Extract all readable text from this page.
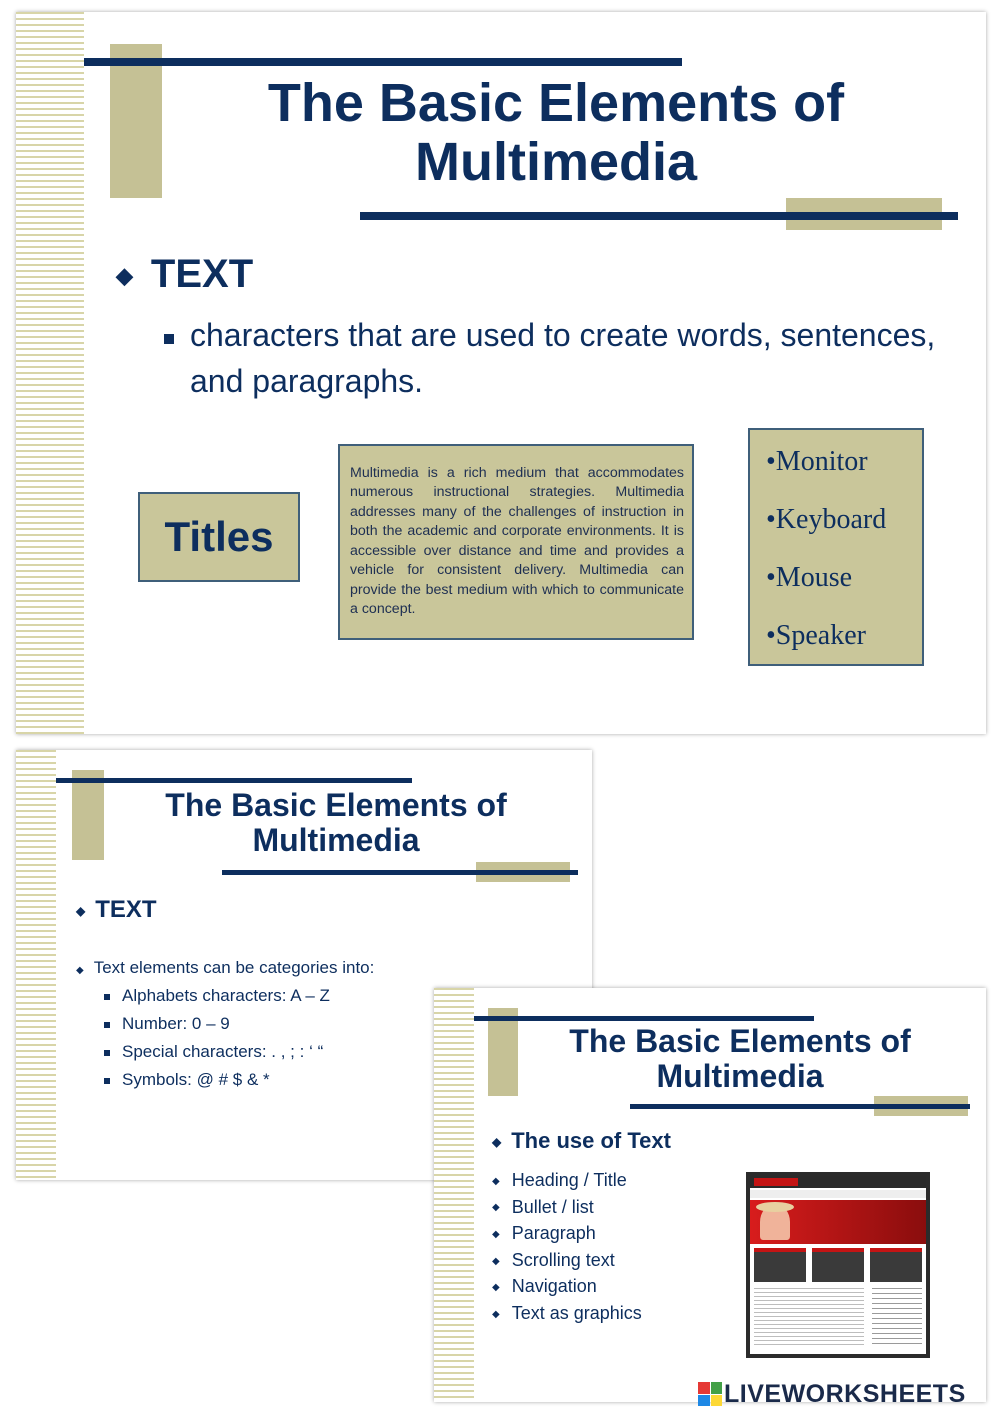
The Basic Elements of
Multimedia
◆ TEXT
characters that are used to create words, sentences, and paragraphs.
Titles
Multimedia is a rich medium that accommodates numerous instructional strategies. Multimedia addresses many of the challenges of instruction in both the academic and corporate environments. It is accessible over distance and time and provides a vehicle for consistent delivery. Multimedia can provide the best medium with which to communicate a concept.
•Monitor
•Keyboard
•Mouse
•Speaker
The Basic Elements of
Multimedia
◆ TEXT
◆ Text elements can be categories into:
Alphabets characters: A – Z
Number: 0 – 9
Special characters: . , ; : ‘ “
Symbols: @ # $ & *
The Basic Elements of
Multimedia
◆ The use of Text
◆ Heading / Title
◆ Bullet / list
◆ Paragraph
◆ Scrolling text
◆ Navigation
◆ Text as graphics
LIVEWORKSHEETS
